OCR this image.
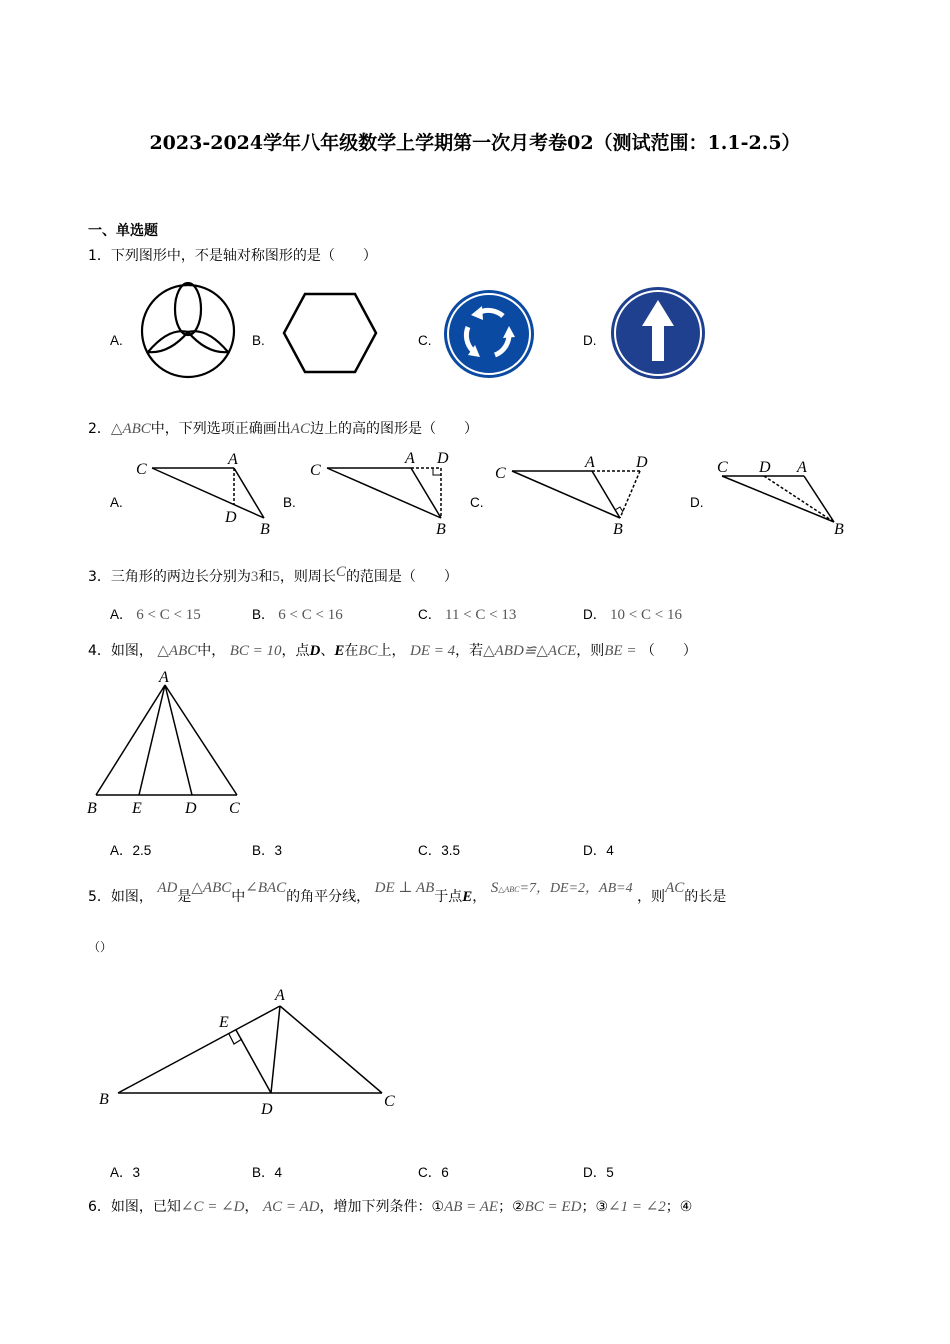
2023-2024学年八年级数学上学期第一次月考卷02（测试范围：1.1-2.5）
一、单选题
1．下列图形中，不是轴对称图形的是（　　）
A.	B.	C.	D.
2．△ABC中，下列选项正确画出AC边上的高的图形是（　　）
A.
C
A
D
B
B.
C
A D
B
C.
C
A	D
B
D.
C D A
B
3．三角形的两边长分别为3和5，则周长C的范围是（　　）
A． 6 < C < 15	B． 6 < C < 16	C． 11 < C < 13	D． 10 < C < 16
4．如图， △ABC中， BC = 10，点D、E在BC上， DE = 4，若△ABD≌△ACE，则BE = （　　）
A
B E	D C
A．2.5	B．3	C．3.5	D．4
5．如图， AD是△ABC中∠BAC的角平分线， DE ⊥ AB于点E， S△ABC=7，DE=2，AB=4 ，则AC的长是
（）
A
E
B
D	C
A．3	B．4	C．6	D．5
6．如图，已知∠C = ∠D， AC = AD，增加下列条件：①AB = AE；②BC = ED；③∠1 = ∠2；④
